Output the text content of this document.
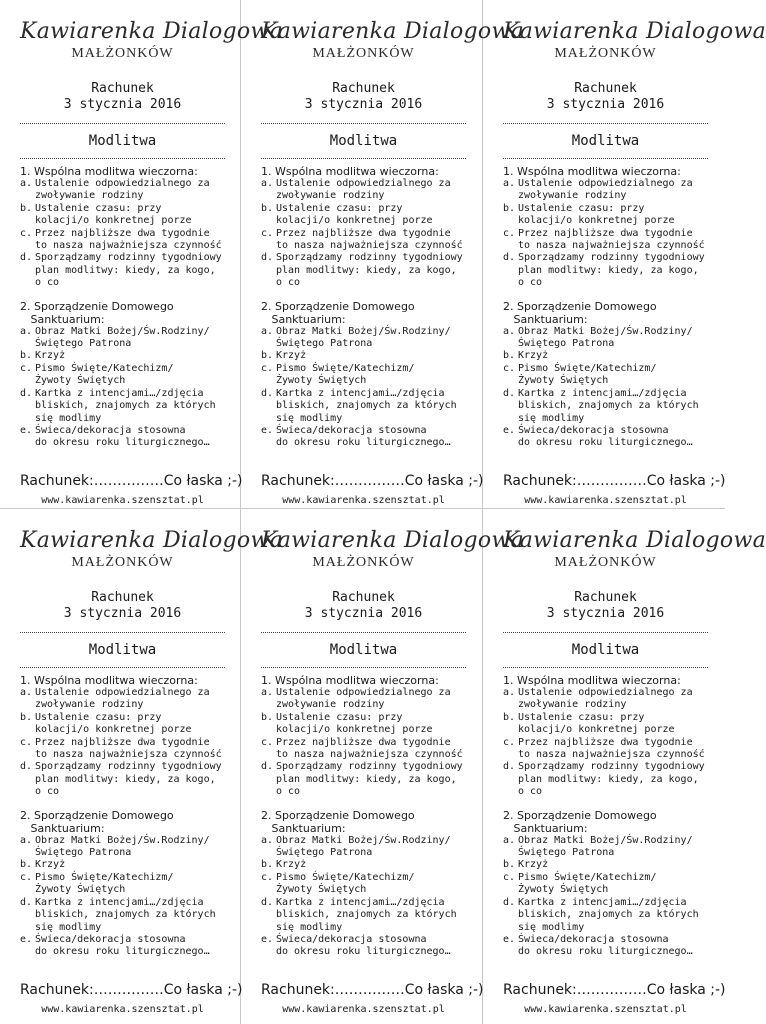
Kawiarenka Dialogowa
MAŁŻONKÓW
Rachunek
3 stycznia 2016
Modlitwa
1. Wspólna modlitwa wieczorna:
a. Ustalenie odpowiedzialnego za
zwoływanie rodziny
b. Ustalenie czasu: przy
kolacji/o konkretnej porze
c. Przez najbliższe dwa tygodnie
to nasza najważniejsza czynność
d. Sporządzamy rodzinny tygodniowy
plan modlitwy: kiedy, za kogo, o co
2. Sporządzenie Domowego
Sanktuarium:
a. Obraz Matki Bożej/Św.Rodziny/
Świętego Patrona
b. Krzyż
c. Pismo Święte/Katechizm/
Żywoty Świętych
d. Kartka z intencjami…/zdjęcia
bliskich, znajomych za których
się modlimy
e. Świeca/dekoracja stosowna
do okresu roku liturgicznego…
Rachunek:……………Co łaska ;-)
www.kawiarenka.szensztat.pl
Kawiarenka Dialogowa
MAŁŻONKÓW
Rachunek
3 stycznia 2016
Modlitwa
1. Wspólna modlitwa wieczorna:
a. Ustalenie odpowiedzialnego za
zwoływanie rodziny
b. Ustalenie czasu: przy
kolacji/o konkretnej porze
c. Przez najbliższe dwa tygodnie
to nasza najważniejsza czynność
d. Sporządzamy rodzinny tygodniowy
plan modlitwy: kiedy, za kogo, o co
2. Sporządzenie Domowego
Sanktuarium:
a. Obraz Matki Bożej/Św.Rodziny/
Świętego Patrona
b. Krzyż
c. Pismo Święte/Katechizm/
Żywoty Świętych
d. Kartka z intencjami…/zdjęcia
bliskich, znajomych za których
się modlimy
e. Świeca/dekoracja stosowna
do okresu roku liturgicznego…
Rachunek:……………Co łaska ;-)
www.kawiarenka.szensztat.pl
Kawiarenka Dialogowa
MAŁŻONKÓW
Rachunek
3 stycznia 2016
Modlitwa
1. Wspólna modlitwa wieczorna:
a. Ustalenie odpowiedzialnego za
zwoływanie rodziny
b. Ustalenie czasu: przy
kolacji/o konkretnej porze
c. Przez najbliższe dwa tygodnie
to nasza najważniejsza czynność
d. Sporządzamy rodzinny tygodniowy
plan modlitwy: kiedy, za kogo, o co
2. Sporządzenie Domowego
Sanktuarium:
a. Obraz Matki Bożej/Św.Rodziny/
Świętego Patrona
b. Krzyż
c. Pismo Święte/Katechizm/
Żywoty Świętych
d. Kartka z intencjami…/zdjęcia
bliskich, znajomych za których
się modlimy
e. Świeca/dekoracja stosowna
do okresu roku liturgicznego…
Rachunek:……………Co łaska ;-)
www.kawiarenka.szensztat.pl
Kawiarenka Dialogowa
MAŁŻONKÓW
Rachunek
3 stycznia 2016
Modlitwa
1. Wspólna modlitwa wieczorna:
a. Ustalenie odpowiedzialnego za
zwoływanie rodziny
b. Ustalenie czasu: przy
kolacji/o konkretnej porze
c. Przez najbliższe dwa tygodnie
to nasza najważniejsza czynność
d. Sporządzamy rodzinny tygodniowy
plan modlitwy: kiedy, za kogo, o co
2. Sporządzenie Domowego
Sanktuarium:
a. Obraz Matki Bożej/Św.Rodziny/
Świętego Patrona
b. Krzyż
c. Pismo Święte/Katechizm/
Żywoty Świętych
d. Kartka z intencjami…/zdjęcia
bliskich, znajomych za których
się modlimy
e. Świeca/dekoracja stosowna
do okresu roku liturgicznego…
Rachunek:……………Co łaska ;-)
www.kawiarenka.szensztat.pl
Kawiarenka Dialogowa
MAŁŻONKÓW
Rachunek
3 stycznia 2016
Modlitwa
1. Wspólna modlitwa wieczorna:
a. Ustalenie odpowiedzialnego za
zwoływanie rodziny
b. Ustalenie czasu: przy
kolacji/o konkretnej porze
c. Przez najbliższe dwa tygodnie
to nasza najważniejsza czynność
d. Sporządzamy rodzinny tygodniowy
plan modlitwy: kiedy, za kogo, o co
2. Sporządzenie Domowego
Sanktuarium:
a. Obraz Matki Bożej/Św.Rodziny/
Świętego Patrona
b. Krzyż
c. Pismo Święte/Katechizm/
Żywoty Świętych
d. Kartka z intencjami…/zdjęcia
bliskich, znajomych za których
się modlimy
e. Świeca/dekoracja stosowna
do okresu roku liturgicznego…
Rachunek:……………Co łaska ;-)
www.kawiarenka.szensztat.pl
Kawiarenka Dialogowa
MAŁŻONKÓW
Rachunek
3 stycznia 2016
Modlitwa
1. Wspólna modlitwa wieczorna:
a. Ustalenie odpowiedzialnego za
zwoływanie rodziny
b. Ustalenie czasu: przy
kolacji/o konkretnej porze
c. Przez najbliższe dwa tygodnie
to nasza najważniejsza czynność
d. Sporządzamy rodzinny tygodniowy
plan modlitwy: kiedy, za kogo, o co
2. Sporządzenie Domowego
Sanktuarium:
a. Obraz Matki Bożej/Św.Rodziny/
Świętego Patrona
b. Krzyż
c. Pismo Święte/Katechizm/
Żywoty Świętych
d. Kartka z intencjami…/zdjęcia
bliskich, znajomych za których
się modlimy
e. Świeca/dekoracja stosowna
do okresu roku liturgicznego…
Rachunek:……………Co łaska ;-)
www.kawiarenka.szensztat.pl
